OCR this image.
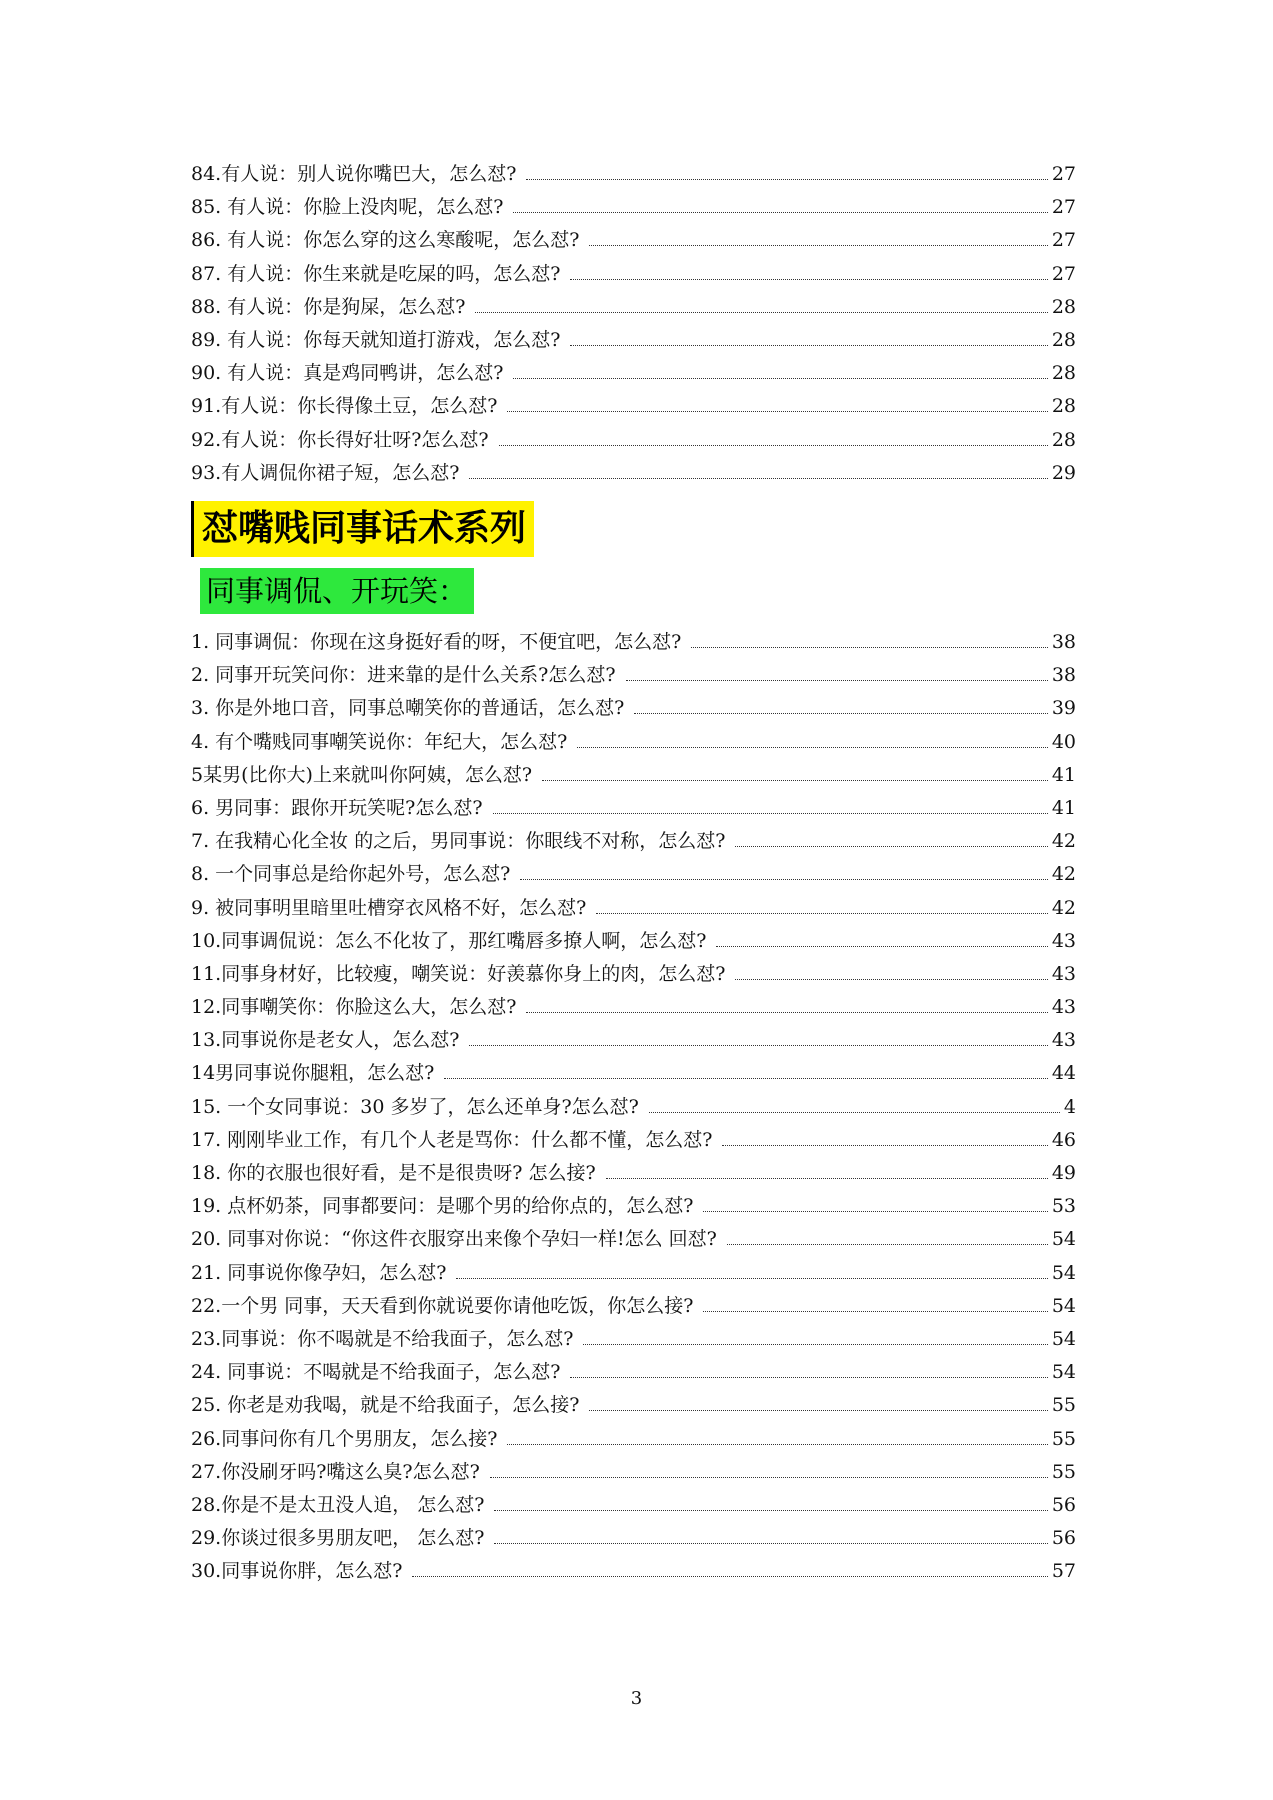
84.有人说：别人说你嘴巴大，怎么怼?	27
85. 有人说：你脸上没肉呢，怎么怼?	27
86. 有人说：你怎么穿的这么寒酸呢，怎么怼?	27
87. 有人说：你生来就是吃屎的吗，怎么怼?	27
88. 有人说：你是狗屎，怎么怼?	28
89. 有人说：你每天就知道打游戏，怎么怼?	28
90. 有人说：真是鸡同鸭讲，怎么怼?	28
91.有人说：你长得像土豆，怎么怼?	28
92.有人说：你长得好壮呀?怎么怼?	28
93.有人调侃你裙子短，怎么怼?	29
怼嘴贱同事话术系列
同事调侃、开玩笑：
1. 同事调侃：你现在这身挺好看的呀，不便宜吧，怎么怼?	38
2. 同事开玩笑问你：进来靠的是什么关系?怎么怼?	38
3. 你是外地口音，同事总嘲笑你的普通话，怎么怼?	39
4. 有个嘴贱同事嘲笑说你：年纪大，怎么怼?	40
5某男(比你大)上来就叫你阿姨，怎么怼?	41
6. 男同事：跟你开玩笑呢?怎么怼?	41
7. 在我精心化全妆 的之后，男同事说：你眼线不对称，怎么怼?	42
8. 一个同事总是给你起外号，怎么怼?	42
9. 被同事明里暗里吐槽穿衣风格不好，怎么怼?	42
10.同事调侃说：怎么不化妆了，那红嘴唇多撩人啊，怎么怼?	43
11.同事身材好，比较瘦，嘲笑说：好羡慕你身上的肉，怎么怼?	43
12.同事嘲笑你：你脸这么大，怎么怼?	43
13.同事说你是老女人，怎么怼?	43
14男同事说你腿粗，怎么怼?	44
15. 一个女同事说：30 多岁了，怎么还单身?怎么怼?	4
17. 刚刚毕业工作，有几个人老是骂你：什么都不懂，怎么怼?	46
18. 你的衣服也很好看，是不是很贵呀? 怎么接?	49
19. 点杯奶茶，同事都要问：是哪个男的给你点的，怎么怼?	53
20. 同事对你说：“你这件衣服穿出来像个孕妇一样!怎么 回怼?	54
21. 同事说你像孕妇，怎么怼?	54
22.一个男 同事，天天看到你就说要你请他吃饭，你怎么接?	54
23.同事说：你不喝就是不给我面子，怎么怼?	54
24. 同事说：不喝就是不给我面子，怎么怼?	54
25. 你老是劝我喝，就是不给我面子，怎么接?	55
26.同事问你有几个男朋友，怎么接?	55
27.你没刷牙吗?嘴这么臭?怎么怼?	55
28.你是不是太丑没人追， 怎么怼?	56
29.你谈过很多男朋友吧， 怎么怼?	56
30.同事说你胖，怎么怼?	57
3
